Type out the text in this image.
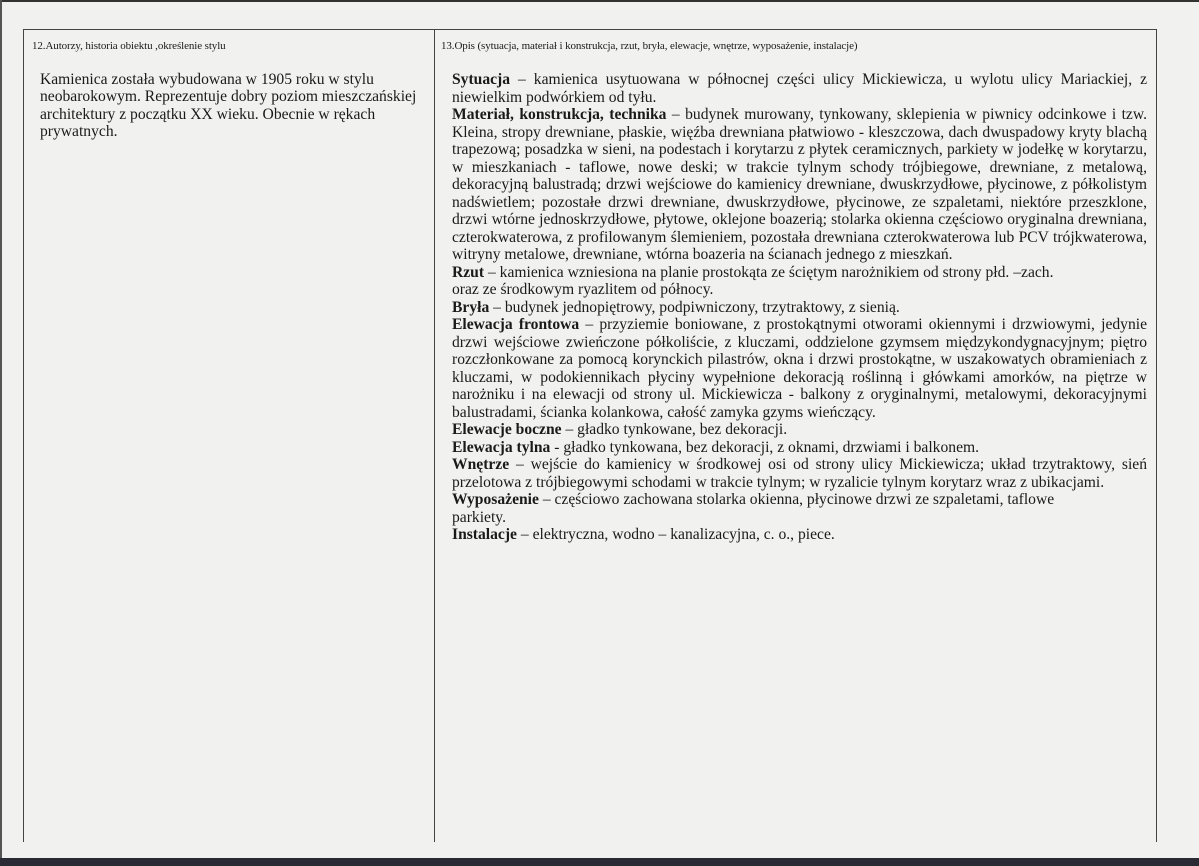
12.Autorzy, historia obiektu ,określenie stylu
Kamienica została wybudowana w 1905 roku w stylu neobarokowym. Reprezentuje dobry poziom mieszczańskiej architektury z początku XX wieku. Obecnie w rękach prywatnych.
13.Opis (sytuacja, materiał i konstrukcja, rzut, bryła, elewacje, wnętrze, wyposażenie, instalacje)

Sytuacja – kamienica usytuowana w północnej części ulicy Mickiewicza, u wylotu ulicy Mariackiej, z niewielkim podwórkiem od tyłu.

Materiał, konstrukcja, technika – budynek murowany, tynkowany, sklepienia w piwnicy odcinkowe i tzw. Kleina, stropy drewniane, płaskie, więźba drewniana płatwiowo - kleszczowa, dach dwuspadowy kryty blachą trapezową; posadzka w sieni, na podestach i korytarzu z płytek ceramicznych, parkiety w jodełkę w korytarzu, w mieszkaniach - taflowe, nowe deski; w trakcie tylnym schody trójbiegowe, drewniane, z metalową, dekoracyjną balustradą; drzwi wejściowe do kamienicy drewniane, dwuskrzydłowe, płycinowe, z półkolistym nadświetlem; pozostałe drzwi drewniane, dwuskrzydłowe, płycinowe, ze szpaletami, niektóre przeszklone, drzwi wtórne jednoskrzydłowe, płytowe, oklejone boazerią; stolarka okienna częściowo oryginalna drewniana, czterokwaterowa, z profilowanym ślemieniem, pozostała drewniana czterokwaterowa lub PCV trójkwaterowa, witryny metalowe, drewniane, wtórna boazeria na ścianach jednego z mieszkań.

Rzut – kamienica wzniesiona na planie prostokąta ze ściętym narożnikiem od strony płd. –zach.
oraz ze środkowym ryazlitem od północy.

Bryła – budynek jednopiętrowy, podpiwniczony, trzytraktowy, z sienią.

Elewacja frontowa – przyziemie boniowane, z prostokątnymi otworami okiennymi i drzwiowymi, jedynie drzwi wejściowe zwieńczone półkoliście, z kluczami, oddzielone gzymsem międzykondygnacyjnym; piętro rozczłonkowane za pomocą korynckich pilastrów, okna i drzwi prostokątne, w uszakowatych obramieniach z kluczami, w podokiennikach płyciny wypełnione dekoracją roślinną i główkami amorków, na piętrze w narożniku i na elewacji od strony ul. Mickiewicza - balkony z oryginalnymi, metalowymi, dekoracyjnymi balustradami, ścianka kolankowa, całość zamyka gzyms wieńczący.

Elewacje boczne – gładko tynkowane, bez dekoracji.

Elewacja tylna - gładko tynkowana, bez dekoracji, z oknami, drzwiami i balkonem.

Wnętrze – wejście do kamienicy w środkowej osi od strony ulicy Mickiewicza; układ trzytraktowy, sień przelotowa z trójbiegowymi schodami w trakcie tylnym; w ryzalicie tylnym korytarz wraz z ubikacjami.

Wyposażenie – częściowo zachowana stolarka okienna, płycinowe drzwi ze szpaletami, taflowe parkiety.

Instalacje – elektryczna, wodno – kanalizacyjna, c. o., piece.
